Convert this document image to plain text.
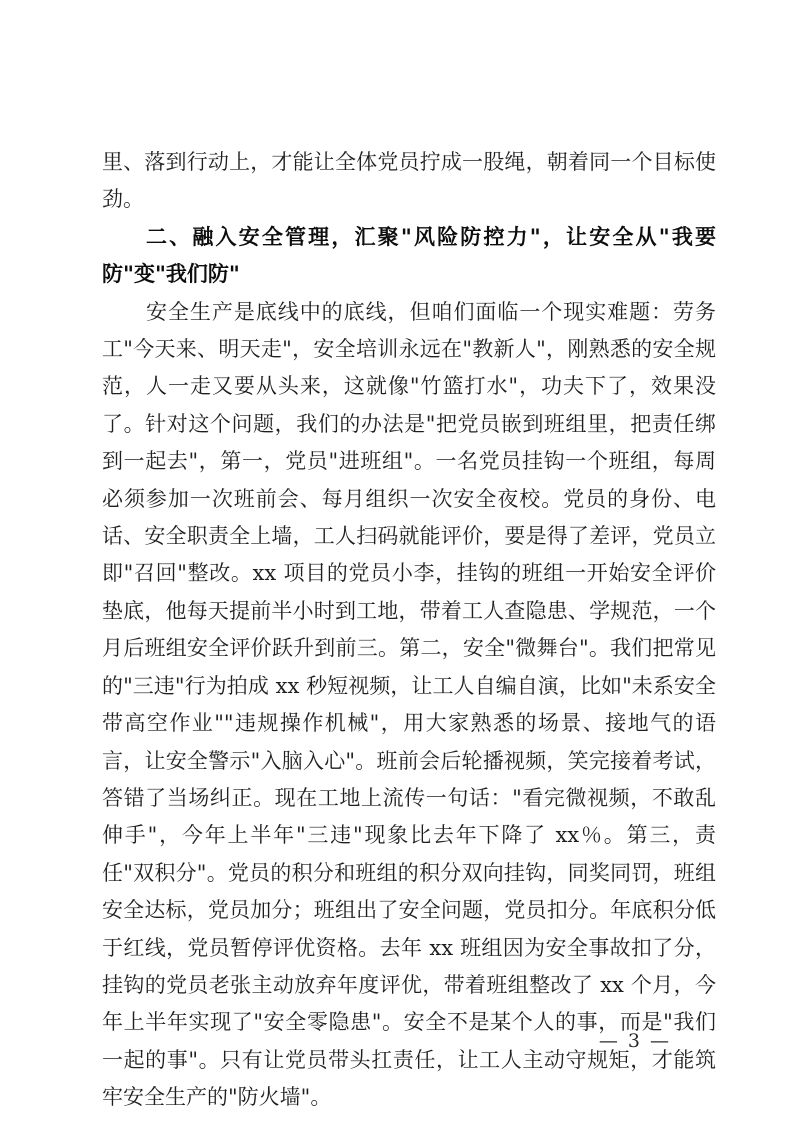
里、落到行动上，才能让全体党员拧成一股绳，朝着同一个目标使劲。

二、融入安全管理，汇聚"风险防控力"，让安全从"我要防"变"我们防"

安全生产是底线中的底线，但咱们面临一个现实难题：劳务工"今天来、明天走"，安全培训永远在"教新人"，刚熟悉的安全规范，人一走又要从头来，这就像"竹篮打水"，功夫下了，效果没了。针对这个问题，我们的办法是"把党员嵌到班组里，把责任绑到一起去"，第一，党员"进班组"。一名党员挂钩一个班组，每周必须参加一次班前会、每月组织一次安全夜校。党员的身份、电话、安全职责全上墙，工人扫码就能评价，要是得了差评，党员立即"召回"整改。xx 项目的党员小李，挂钩的班组一开始安全评价垫底，他每天提前半小时到工地，带着工人查隐患、学规范，一个月后班组安全评价跃升到前三。第二，安全"微舞台"。我们把常见的"三违"行为拍成 xx 秒短视频，让工人自编自演，比如"未系安全带高空作业""违规操作机械"，用大家熟悉的场景、接地气的语言，让安全警示"入脑入心"。班前会后轮播视频，笑完接着考试，答错了当场纠正。现在工地上流传一句话："看完微视频，不敢乱伸手"，今年上半年"三违"现象比去年下降了 xx％。第三，责任"双积分"。党员的积分和班组的积分双向挂钩，同奖同罚，班组安全达标，党员加分；班组出了安全问题，党员扣分。年底积分低于红线，党员暂停评优资格。去年 xx 班组因为安全事故扣了分，挂钩的党员老张主动放弃年度评优，带着班组整改了 xx 个月，今年上半年实现了"安全零隐患"。安全不是某个人的事，而是"我们一起的事"。只有让党员带头扛责任，让工人主动守规矩，才能筑牢安全生产的"防火墙"。

— 3 —
